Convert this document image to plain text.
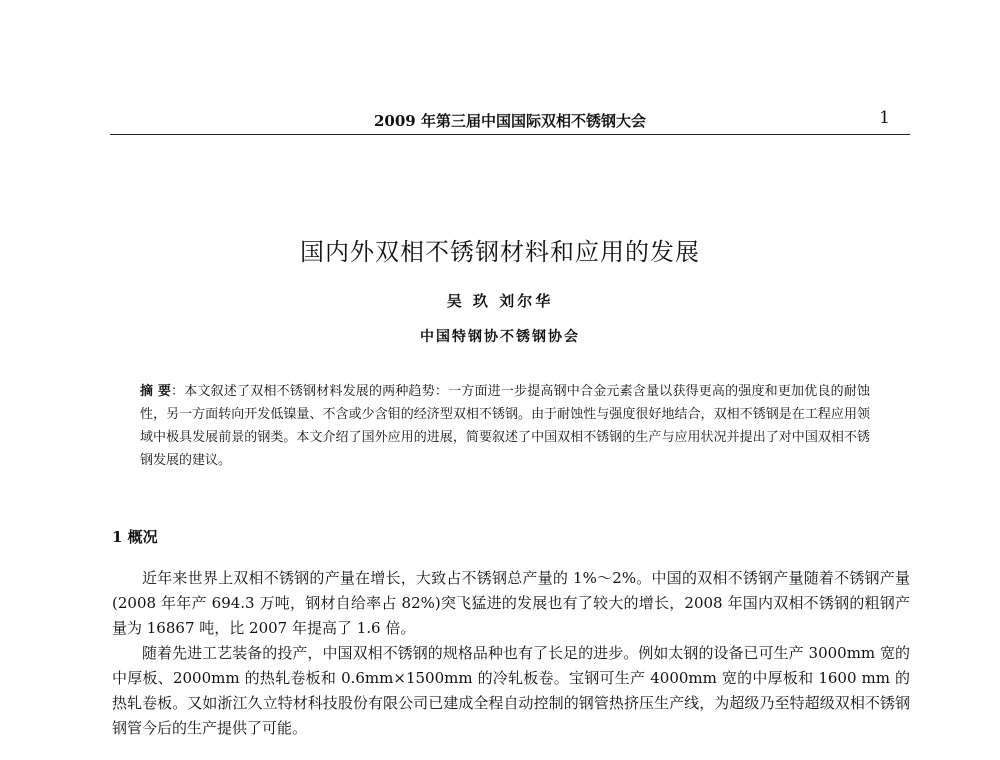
2009 年第三届中国国际双相不锈钢大会	1
国内外双相不锈钢材料和应用的发展
吴 玖 刘尔华
中国特钢协不锈钢协会
摘 要：本文叙述了双相不锈钢材料发展的两种趋势：一方面进一步提高钢中合金元素含量以获得更高的强度和更加优良的耐蚀性，另一方面转向开发低镍量、不含或少含钼的经济型双相不锈钢。由于耐蚀性与强度很好地结合，双相不锈钢是在工程应用领域中极具发展前景的钢类。本文介绍了国外应用的进展，简要叙述了中国双相不锈钢的生产与应用状况并提出了对中国双相不锈钢发展的建议。
1 概况

近年来世界上双相不锈钢的产量在增长，大致占不锈钢总产量的 1%～2%。中国的双相不锈钢产量随着不锈钢产量(2008 年年产 694.3 万吨，钢材自给率占 82%)突飞猛进的发展也有了较大的增长，2008 年国内双相不锈钢的粗钢产量为 16867 吨，比 2007 年提高了 1.6 倍。

随着先进工艺装备的投产，中国双相不锈钢的规格品种也有了长足的进步。例如太钢的设备已可生产 3000mm 宽的中厚板、2000mm 的热轧卷板和 0.6mm×1500mm 的冷轧板卷。宝钢可生产 4000mm 宽的中厚板和 1600 mm 的热轧卷板。又如浙江久立特材科技股份有限公司已建成全程自动控制的钢管热挤压生产线，为超级乃至特超级双相不锈钢钢管今后的生产提供了可能。
